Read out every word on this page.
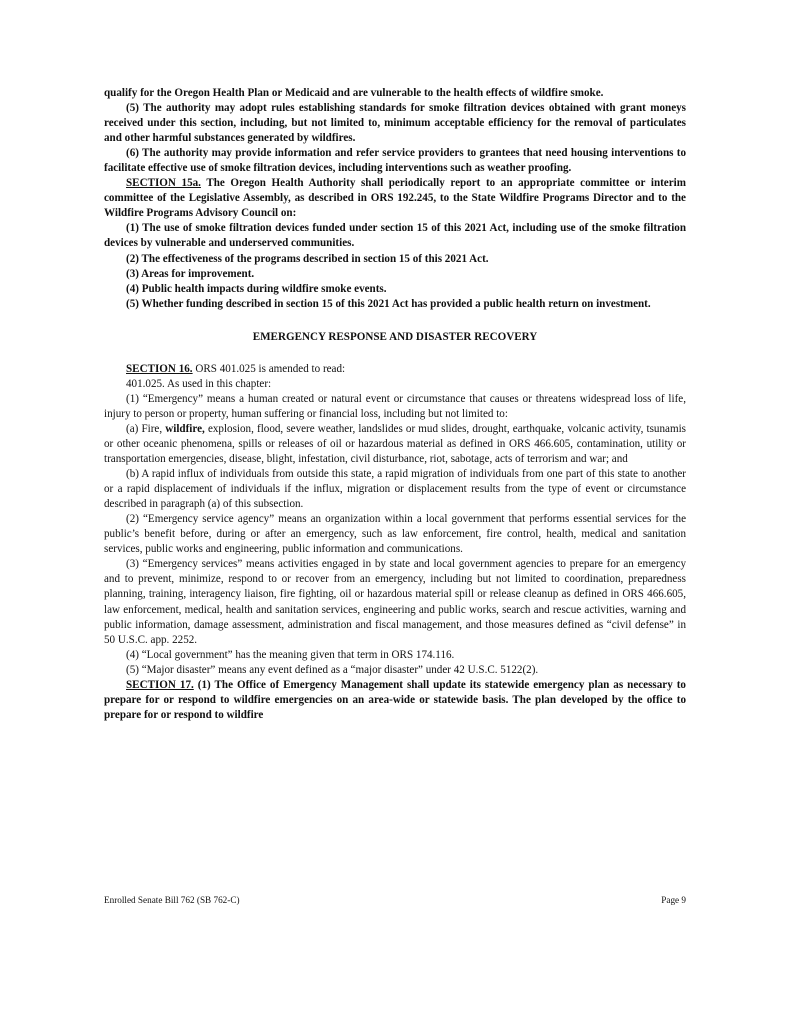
qualify for the Oregon Health Plan or Medicaid and are vulnerable to the health effects of wildfire smoke.

(5) The authority may adopt rules establishing standards for smoke filtration devices obtained with grant moneys received under this section, including, but not limited to, minimum acceptable efficiency for the removal of particulates and other harmful substances generated by wildfires.

(6) The authority may provide information and refer service providers to grantees that need housing interventions to facilitate effective use of smoke filtration devices, including interventions such as weather proofing.

SECTION 15a. The Oregon Health Authority shall periodically report to an appropriate committee or interim committee of the Legislative Assembly, as described in ORS 192.245, to the State Wildfire Programs Director and to the Wildfire Programs Advisory Council on:

(1) The use of smoke filtration devices funded under section 15 of this 2021 Act, including use of the smoke filtration devices by vulnerable and underserved communities.

(2) The effectiveness of the programs described in section 15 of this 2021 Act.

(3) Areas for improvement.

(4) Public health impacts during wildfire smoke events.

(5) Whether funding described in section 15 of this 2021 Act has provided a public health return on investment.

EMERGENCY RESPONSE AND DISASTER RECOVERY

SECTION 16. ORS 401.025 is amended to read:

401.025. As used in this chapter:

(1) “Emergency” means a human created or natural event or circumstance that causes or threatens widespread loss of life, injury to person or property, human suffering or financial loss, including but not limited to:

(a) Fire, wildfire, explosion, flood, severe weather, landslides or mud slides, drought, earthquake, volcanic activity, tsunamis or other oceanic phenomena, spills or releases of oil or hazardous material as defined in ORS 466.605, contamination, utility or transportation emergencies, disease, blight, infestation, civil disturbance, riot, sabotage, acts of terrorism and war; and

(b) A rapid influx of individuals from outside this state, a rapid migration of individuals from one part of this state to another or a rapid displacement of individuals if the influx, migration or displacement results from the type of event or circumstance described in paragraph (a) of this subsection.

(2) “Emergency service agency” means an organization within a local government that performs essential services for the public’s benefit before, during or after an emergency, such as law enforcement, fire control, health, medical and sanitation services, public works and engineering, public information and communications.

(3) “Emergency services” means activities engaged in by state and local government agencies to prepare for an emergency and to prevent, minimize, respond to or recover from an emergency, including but not limited to coordination, preparedness planning, training, interagency liaison, fire fighting, oil or hazardous material spill or release cleanup as defined in ORS 466.605, law enforcement, medical, health and sanitation services, engineering and public works, search and rescue activities, warning and public information, damage assessment, administration and fiscal management, and those measures defined as “civil defense” in 50 U.S.C. app. 2252.

(4) “Local government” has the meaning given that term in ORS 174.116.

(5) “Major disaster” means any event defined as a “major disaster” under 42 U.S.C. 5122(2).

SECTION 17. (1) The Office of Emergency Management shall update its statewide emergency plan as necessary to prepare for or respond to wildfire emergencies on an area-wide or statewide basis. The plan developed by the office to prepare for or respond to wildfire

Enrolled Senate Bill 762 (SB 762-C)	Page 9
